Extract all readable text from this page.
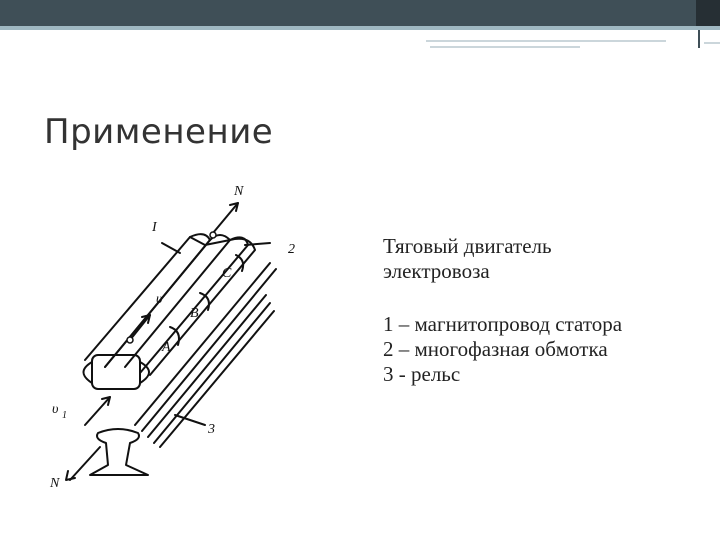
Применение
N
I
2
C
B
A
υ
υ 1
3
N

Тяговый двигатель

электровоза

1 – магнитопровод статора

2 – многофазная обмотка

3 - рельс
